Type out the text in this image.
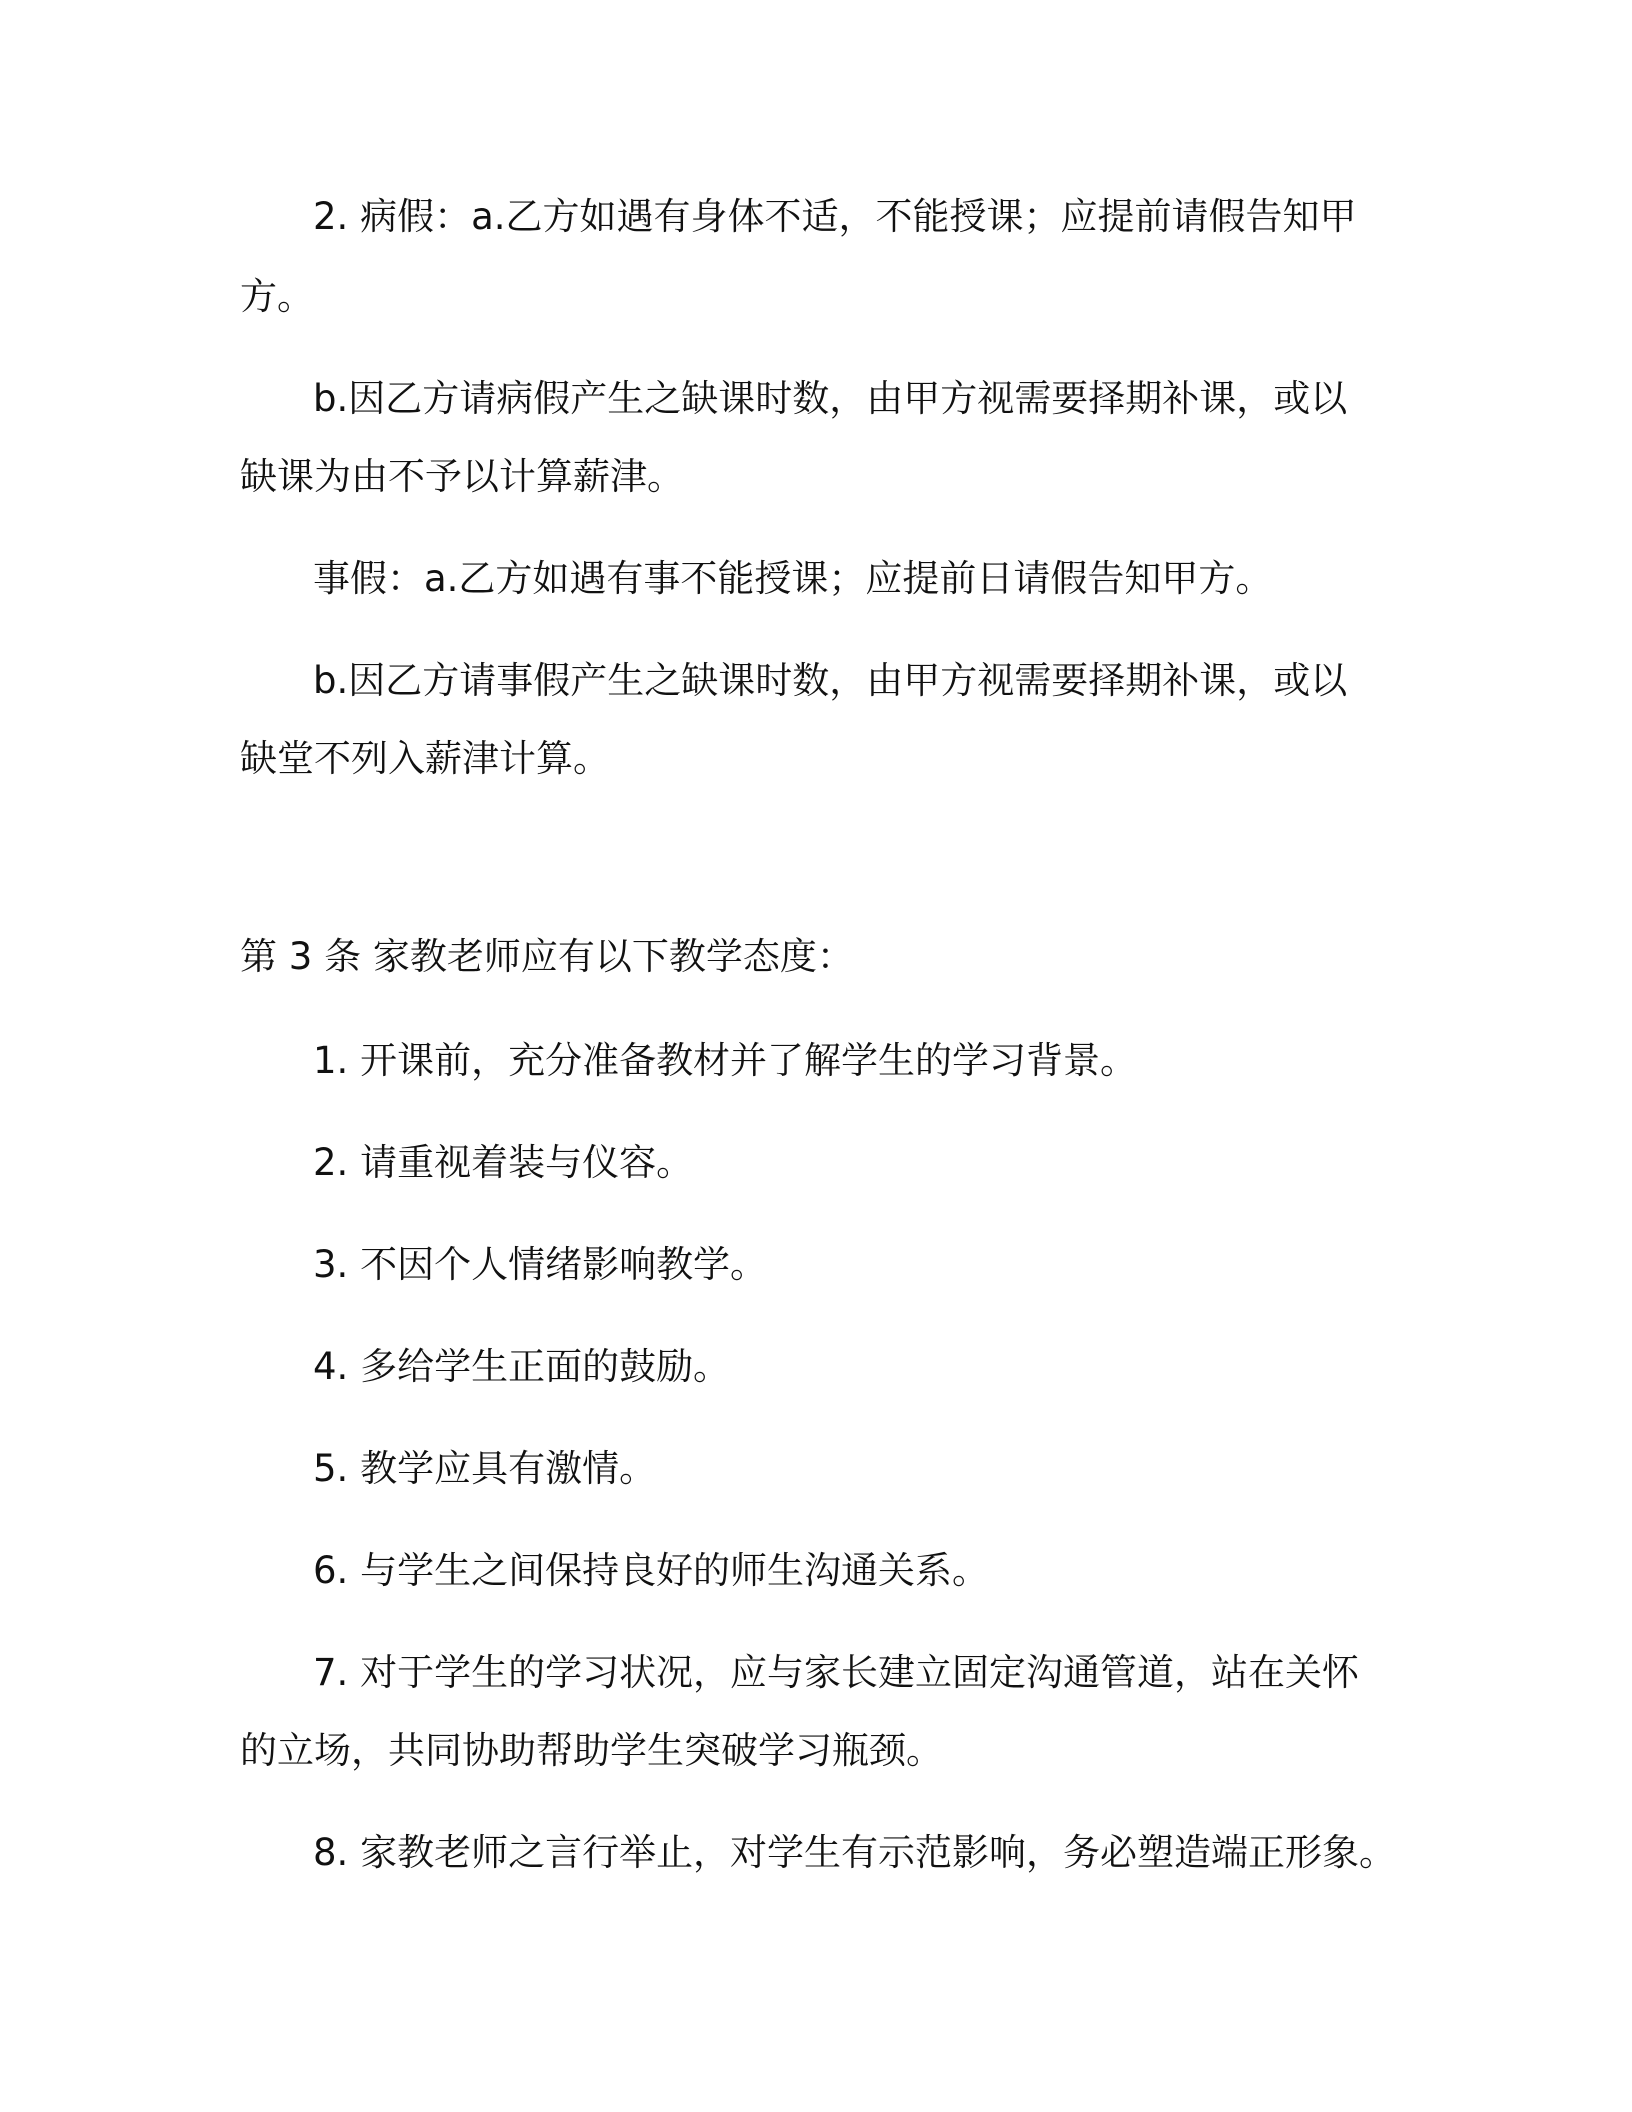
2. 病假：a.乙方如遇有身体不适，不能授课；应提前请假告知甲
方。
b.因乙方请病假产生之缺课时数，由甲方视需要择期补课，或以
缺课为由不予以计算薪津。
事假：a.乙方如遇有事不能授课；应提前日请假告知甲方。
b.因乙方请事假产生之缺课时数，由甲方视需要择期补课，或以
缺堂不列入薪津计算。
第 3 条 家教老师应有以下教学态度：
1. 开课前，充分准备教材并了解学生的学习背景。
2. 请重视着装与仪容。
3. 不因个人情绪影响教学。
4. 多给学生正面的鼓励。
5. 教学应具有激情。
6. 与学生之间保持良好的师生沟通关系。
7. 对于学生的学习状况，应与家长建立固定沟通管道，站在关怀
的立场，共同协助帮助学生突破学习瓶颈。
8. 家教老师之言行举止，对学生有示范影响，务必塑造端正形象。
